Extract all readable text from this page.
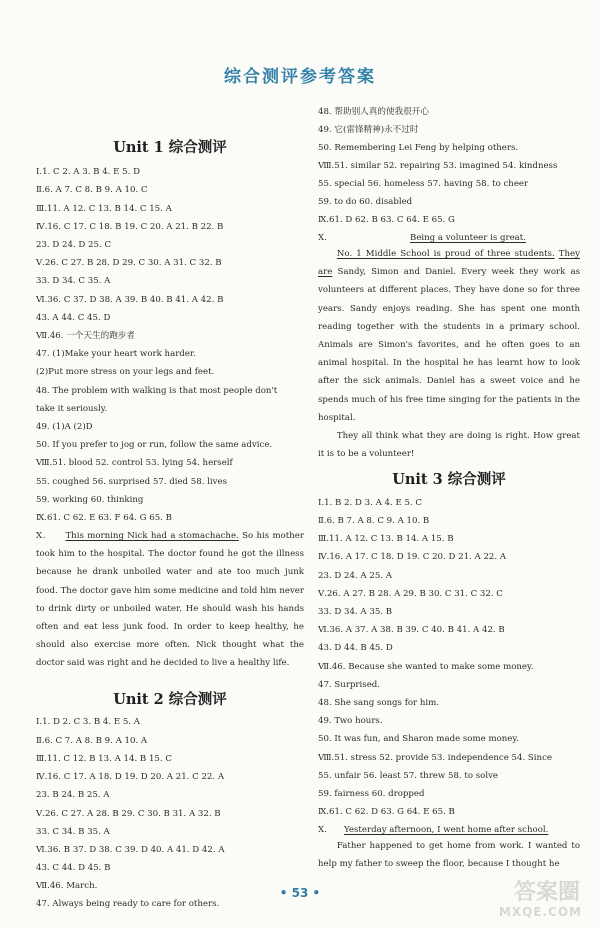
综合测评参考答案
Unit 1 综合测评
Ⅰ.1. C 2. A 3. B 4. E 5. D
Ⅱ.6. A 7. C 8. B 9. A 10. C
Ⅲ.11. A 12. C 13. B 14. C 15. A
Ⅳ.16. C 17. C 18. B 19. C 20. A 21. B 22. B
23. D 24. D 25. C
Ⅴ.26. C 27. B 28. D 29. C 30. A 31. C 32. B
33. D 34. C 35. A
Ⅵ.36. C 37. D 38. A 39. B 40. B 41. A 42. B
43. A 44. C 45. D
Ⅶ.46. 一个天生的跑步者
47. (1)Make your heart work harder.
(2)Put more stress on your legs and feet.
48. The problem with walking is that most people don't
take it seriously.
49. (1)A (2)D
50. If you prefer to jog or run, follow the same advice.
Ⅷ.51. blood 52. control 53. lying 54. herself
55. coughed 56. surprised 57. died 58. lives
59. working 60. thinking
Ⅸ.61. C 62. E 63. F 64. G 65. B
Ⅹ. This morning Nick had a stomachache. So his mother took him to the hospital. The doctor found he got the illness because he drank unboiled water and ate too much junk food. The doctor gave him some medicine and told him never to drink dirty or unboiled water. He should wash his hands often and eat less junk food. In order to keep healthy, he should also exercise more often. Nick thought what the doctor said was right and he decided to live a healthy life.
Unit 2 综合测评
Ⅰ.1. D 2. C 3. B 4. E 5. A
Ⅱ.6. C 7. A 8. B 9. A 10. A
Ⅲ.11. C 12. B 13. A 14. B 15. C
Ⅳ.16. C 17. A 18. D 19. D 20. A 21. C 22. A
23. B 24. B 25. A
Ⅴ.26. C 27. A 28. B 29. C 30. B 31. A 32. B
33. C 34. B 35. A
Ⅵ.36. B 37. D 38. C 39. D 40. A 41. D 42. A
43. C 44. D 45. B
Ⅶ.46. March.
47. Always being ready to care for others.
48. 帮助别人真的使我很开心
49. 它(雷锋精神)永不过时
50. Remembering Lei Feng by helping others.
Ⅷ.51. similar 52. repairing 53. imagined 54. kindness
55. special 56. homeless 57. having 58. to cheer
59. to do 60. disabled
Ⅸ.61. D 62. B 63. C 64. E 65. G
Ⅹ.	Being a volunteer is great.

No. 1 Middle School is proud of three students. They are Sandy, Simon and Daniel. Every week they work as volunteers at different places. They have done so for three years. Sandy enjoys reading. She has spent one month reading together with the students in a primary school. Animals are Simon's favorites, and he often goes to an animal hospital. In the hospital he has learnt how to look after the sick animals. Daniel has a sweet voice and he spends much of his free time singing for the patients in the hospital.

They all think what they are doing is right. How great it is to be a volunteer!

Unit 3 综合测评
Ⅰ.1. B 2. D 3. A 4. E 5. C
Ⅱ.6. B 7. A 8. C 9. A 10. B
Ⅲ.11. A 12. C 13. B 14. A 15. B
Ⅳ.16. A 17. C 18. D 19. C 20. D 21. A 22. A
23. D 24. A 25. A
Ⅴ.26. A 27. B 28. A 29. B 30. C 31. C 32. C
33. D 34. A 35. B
Ⅵ.36. A 37. A 38. B 39. C 40. B 41. A 42. B
43. D 44. B 45. D
Ⅶ.46. Because she wanted to make some money.
47. Surprised.
48. She sang songs for him.
49. Two hours.
50. It was fun, and Sharon made some money.
Ⅷ.51. stress 52. provide 53. independence 54. Since
55. unfair 56. least 57. threw 58. to solve
59. fairness 60. dropped
Ⅸ.61. C 62. D 63. G 64. E 65. B
Ⅹ. Yesterday afternoon, I went home after school.

Father happened to get home from work. I wanted to help my father to sweep the floor, because I thought he

• 53 •	答案圈
MXQE.COM
